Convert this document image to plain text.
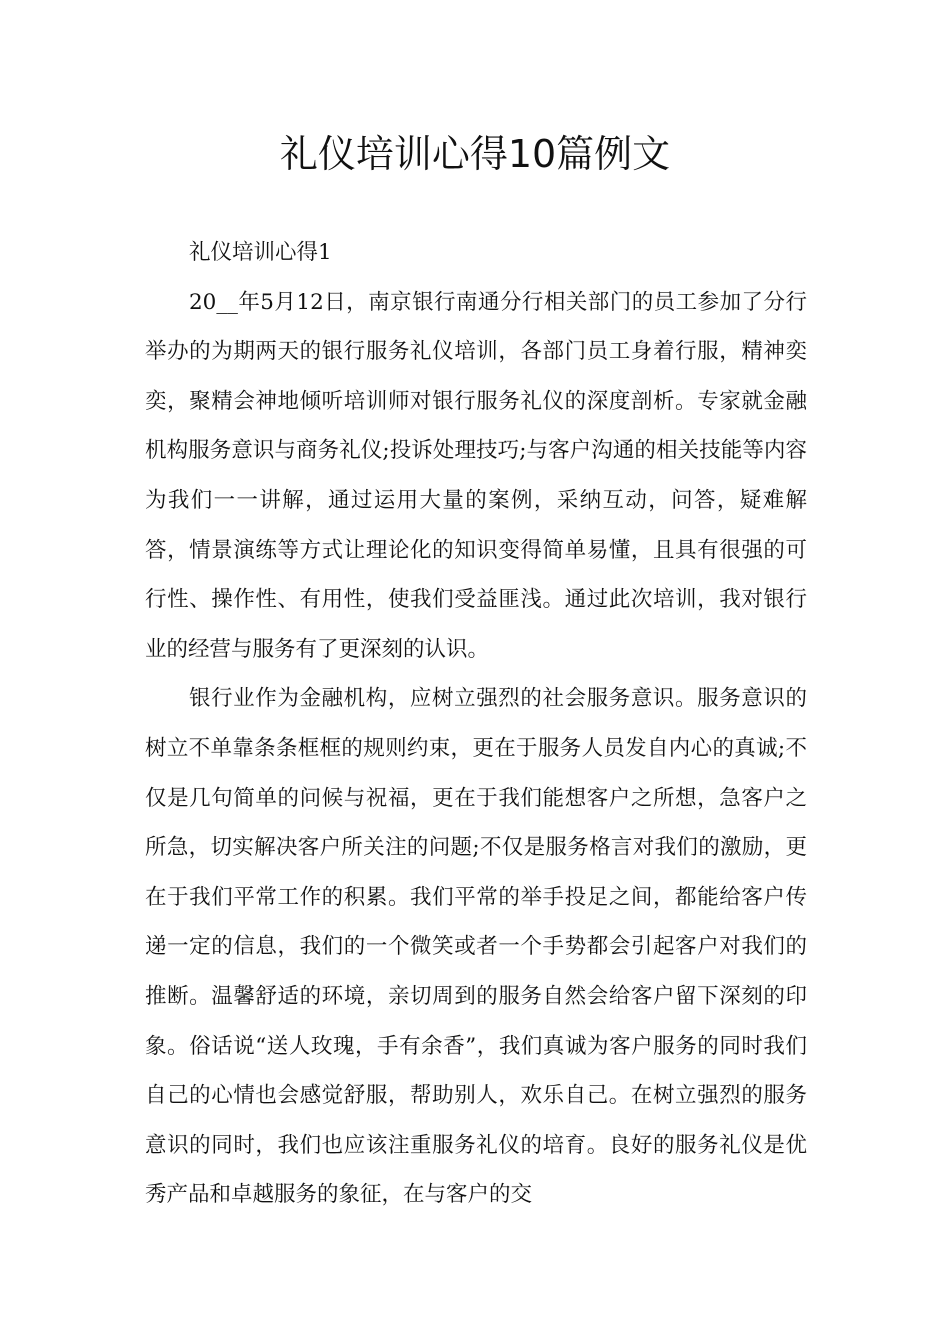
礼仪培训心得10篇例文

礼仪培训心得1

20__年5月12日，南京银行南通分行相关部门的员工参加了分行举办的为期两天的银行服务礼仪培训，各部门员工身着行服，精神奕奕，聚精会神地倾听培训师对银行服务礼仪的深度剖析。专家就金融机构服务意识与商务礼仪;投诉处理技巧;与客户沟通的相关技能等内容为我们一一讲解，通过运用大量的案例，采纳互动，问答，疑难解答，情景演练等方式让理论化的知识变得简单易懂，且具有很强的可行性、操作性、有用性，使我们受益匪浅。通过此次培训，我对银行业的经营与服务有了更深刻的认识。

银行业作为金融机构，应树立强烈的社会服务意识。服务意识的树立不单靠条条框框的规则约束，更在于服务人员发自内心的真诚;不仅是几句简单的问候与祝福，更在于我们能想客户之所想，急客户之所急，切实解决客户所关注的问题;不仅是服务格言对我们的激励，更在于我们平常工作的积累。我们平常的举手投足之间，都能给客户传递一定的信息，我们的一个微笑或者一个手势都会引起客户对我们的推断。温馨舒适的环境，亲切周到的服务自然会给客户留下深刻的印象。俗话说“送人玫瑰，手有余香”，我们真诚为客户服务的同时我们自己的心情也会感觉舒服，帮助别人，欢乐自己。在树立强烈的服务意识的同时，我们也应该注重服务礼仪的培育。良好的服务礼仪是优秀产品和卓越服务的象征，在与客户的交
